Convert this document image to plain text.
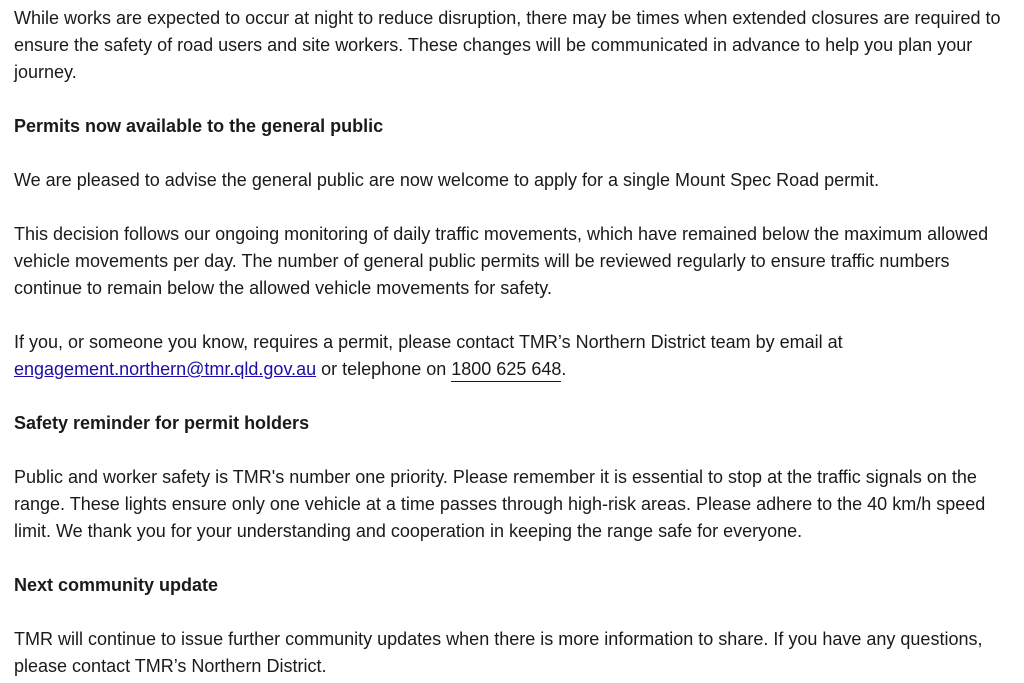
While works are expected to occur at night to reduce disruption, there may be times when extended closures are required to ensure the safety of road users and site workers. These changes will be communicated in advance to help you plan your journey.

Permits now available to the general public

We are pleased to advise the general public are now welcome to apply for a single Mount Spec Road permit.

This decision follows our ongoing monitoring of daily traffic movements, which have remained below the maximum allowed vehicle movements per day. The number of general public permits will be reviewed regularly to ensure traffic numbers continue to remain below the allowed vehicle movements for safety.

If you, or someone you know, requires a permit, please contact TMR’s Northern District team by email at engagement.northern@tmr.qld.gov.au or telephone on 1800 625 648.

Safety reminder for permit holders

Public and worker safety is TMR's number one priority. Please remember it is essential to stop at the traffic signals on the range. These lights ensure only one vehicle at a time passes through high-risk areas. Please adhere to the 40 km/h speed limit. We thank you for your understanding and cooperation in keeping the range safe for everyone.

Next community update

TMR will continue to issue further community updates when there is more information to share. If you have any questions, please contact TMR’s Northern District.
